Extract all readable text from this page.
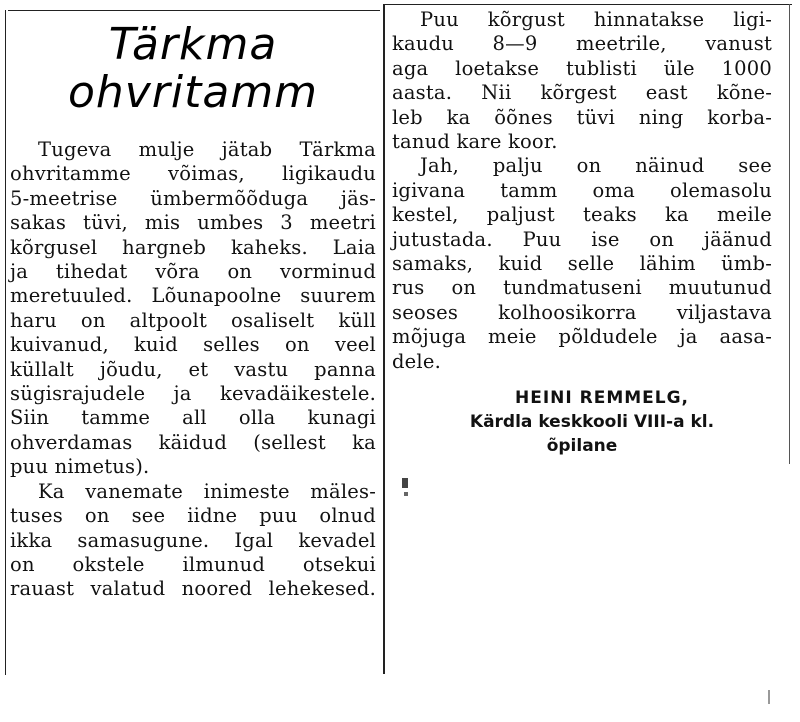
Tärkma
ohvritamm

Tugeva mulje jätab Tärkma
ohvritamme võimas, ligikaudu
5-meetrise ümbermõõduga jäs-
sakas tüvi, mis umbes 3 meetri
kõrgusel hargneb kaheks. Laia
ja tihedat võra on vorminud
meretuuled. Lõunapoolne suurem
haru on altpoolt osaliselt küll
kuivanud, kuid selles on veel
küllalt jõudu, et vastu panna
sügisrajudele ja kevadäikestele.
Siin tamme all olla kunagi
ohverdamas käidud (sellest ka
puu nimetus).

Ka vanemate inimeste mäles-
tuses on see iidne puu olnud
ikka samasugune. Igal kevadel
on okstele ilmunud otsekui
rauast valatud noored lehekesed.

Puu kõrgust hinnatakse ligi-
kaudu 8—9 meetrile, vanust
aga loetakse tublisti üle 1000
aasta. Nii kõrgest east kõne-
leb ka õõnes tüvi ning korba-
tanud kare koor.

Jah, palju on näinud see
igivana tamm oma olemasolu
kestel, paljust teaks ka meile
jutustada. Puu ise on jäänud
samaks, kuid selle lähim ümb-
rus on tundmatuseni muutunud
seoses kolhoosikorra viljastava
mõjuga meie põldudele ja aasa-
dele.

HEINI REMMELG,
Kärdla keskkooli VIII-a kl.
õpilane
